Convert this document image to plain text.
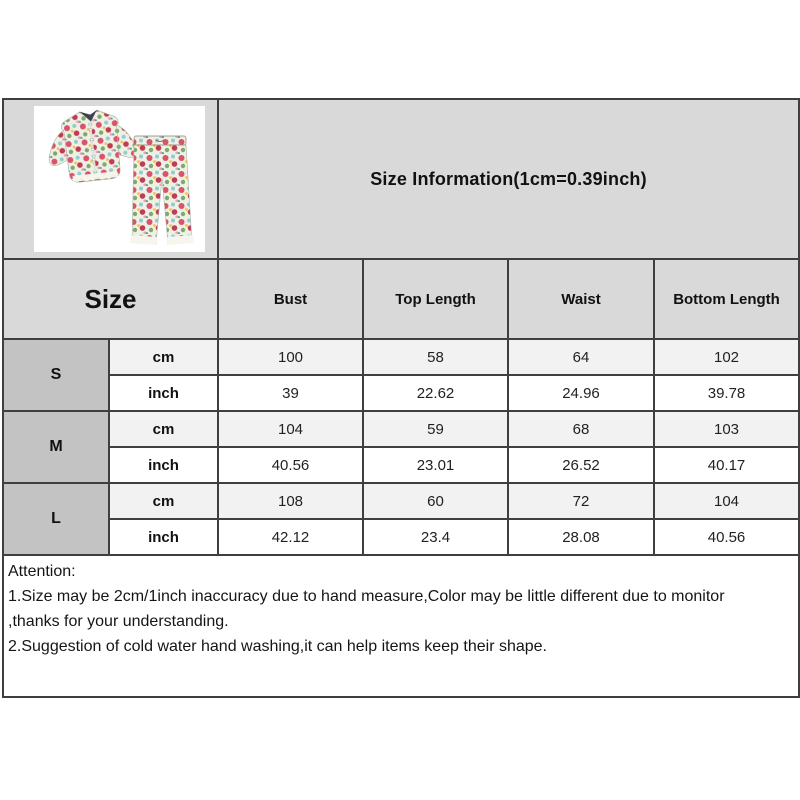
	Size Information(1cm=0.39inch)			
Size		Bust	Top Length	Waist	Bottom Length
S	cm	100	58	64	102
	inch	39	22.62	24.96	39.78
M	cm	104	59	68	103
	inch	40.56	23.01	26.52	40.17
L	cm	108	60	72	104
	inch	42.12	23.4	28.08	40.56

Attention:
1.Size may be 2cm/1inch inaccuracy due to hand measure,Color may be little different due to monitor
,thanks for your understanding.
2.Suggestion of cold water hand washing,it can help items keep their shape.					
